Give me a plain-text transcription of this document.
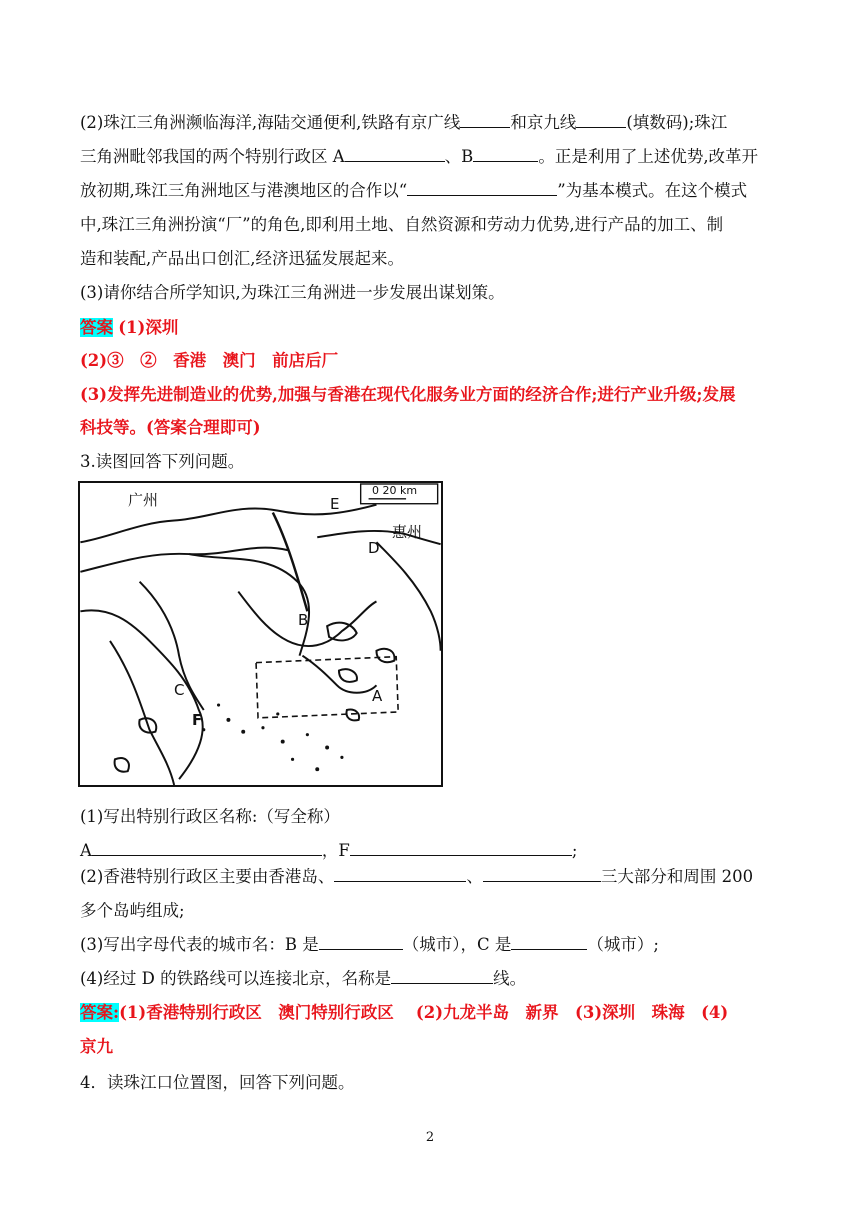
(2)珠江三角洲濒临海洋,海陆交通便利,铁路有京广线	和京九线	(填数码);珠江
三角洲毗邻我国的两个特别行政区 A	、B	。正是利用了上述优势,改革开
放初期,珠江三角洲地区与港澳地区的合作以“	”为基本模式。在这个模式
中,珠江三角洲扮演“厂”的角色,即利用土地、自然资源和劳动力优势,进行产品的加工、制
造和装配,产品出口创汇,经济迅猛发展起来。
(3)请你结合所学知识,为珠江三角洲进一步发展出谋划策。
答案 (1)深圳
(2)③　②　香港　澳门　前店后厂
(3)发挥先进制造业的优势,加强与香港在现代化服务业方面的经济合作;进行产业升级;发展
科技等。(答案合理即可)
3.读图回答下列问题。
广州
惠州
0 20 km
E
D
B
C	A
F
(1)写出特别行政区名称:（写全称）
A	，F	;
(2)香港特别行政区主要由香港岛、	、	三大部分和周围 200
多个岛屿组成;
(3)写出字母代表的城市名：B 是	（城市），C 是	（城市）;
(4)经过 D 的铁路线可以连接北京，名称是	线。
答案:(1)香港特别行政区　澳门特别行政区　 (2)九龙半岛　新界　(3)深圳　珠海　(4)
京九
4．读珠江口位置图，回答下列问题。
2
